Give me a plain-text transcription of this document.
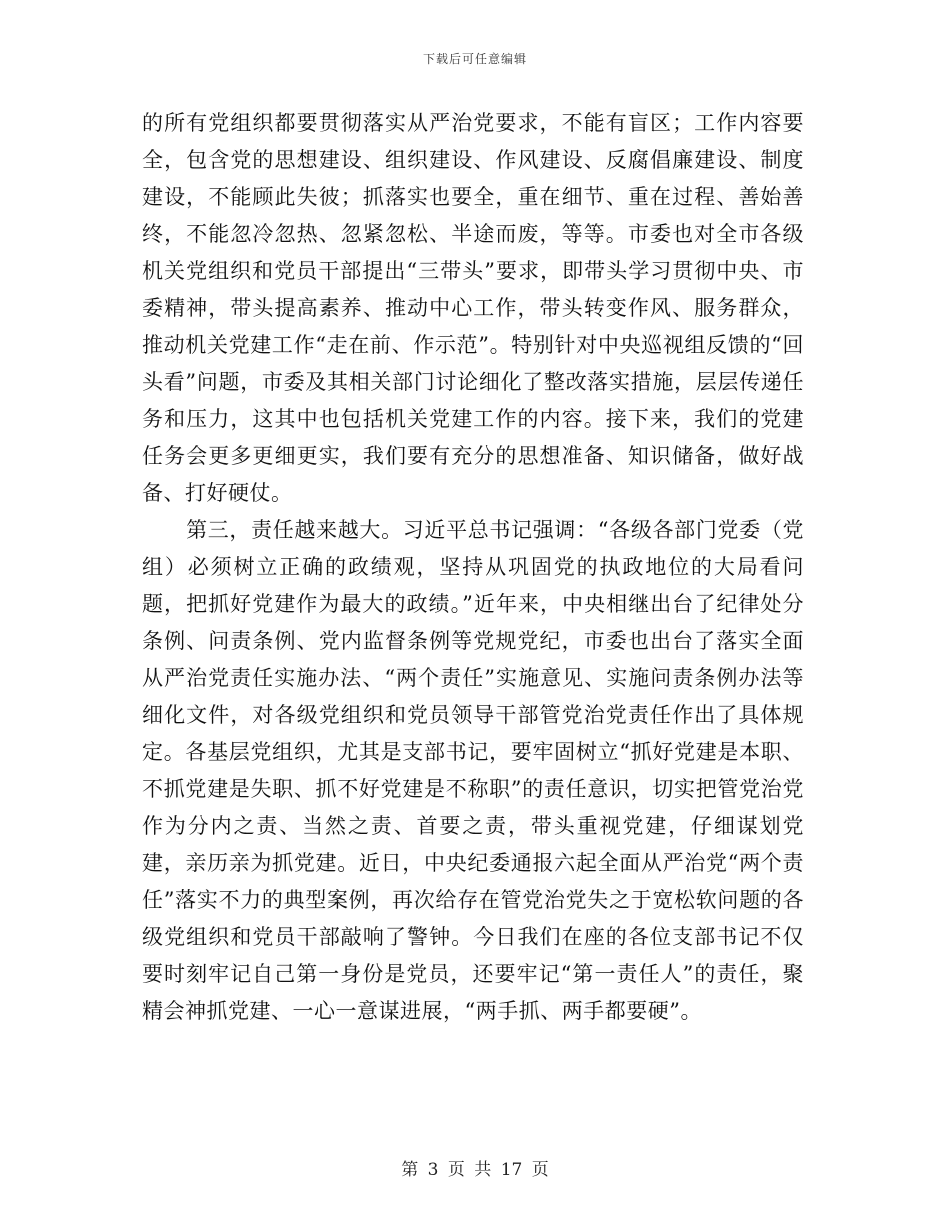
下载后可任意编辑

的所有党组织都要贯彻落实从严治党要求，不能有盲区；工作内容要全，包含党的思想建设、组织建设、作风建设、反腐倡廉建设、制度建设，不能顾此失彼；抓落实也要全，重在细节、重在过程、善始善终，不能忽冷忽热、忽紧忽松、半途而废，等等。市委也对全市各级机关党组织和党员干部提出“三带头”要求，即带头学习贯彻中央、市委精神，带头提高素养、推动中心工作，带头转变作风、服务群众，推动机关党建工作“走在前、作示范”。特别针对中央巡视组反馈的“回头看”问题，市委及其相关部门讨论细化了整改落实措施，层层传递任务和压力，这其中也包括机关党建工作的内容。接下来，我们的党建任务会更多更细更实，我们要有充分的思想准备、知识储备，做好战备、打好硬仗。

第三，责任越来越大。习近平总书记强调：“各级各部门党委（党组）必须树立正确的政绩观，坚持从巩固党的执政地位的大局看问题，把抓好党建作为最大的政绩。”近年来，中央相继出台了纪律处分条例、问责条例、党内监督条例等党规党纪，市委也出台了落实全面从严治党责任实施办法、“两个责任”实施意见、实施问责条例办法等细化文件，对各级党组织和党员领导干部管党治党责任作出了具体规定。各基层党组织，尤其是支部书记，要牢固树立“抓好党建是本职、不抓党建是失职、抓不好党建是不称职”的责任意识，切实把管党治党作为分内之责、当然之责、首要之责，带头重视党建，仔细谋划党建，亲历亲为抓党建。近日，中央纪委通报六起全面从严治党“两个责任”落实不力的典型案例，再次给存在管党治党失之于宽松软问题的各级党组织和党员干部敲响了警钟。今日我们在座的各位支部书记不仅要时刻牢记自己第一身份是党员，还要牢记“第一责任人”的责任，聚精会神抓党建、一心一意谋进展，“两手抓、两手都要硬”。

第 3 页 共 17 页
